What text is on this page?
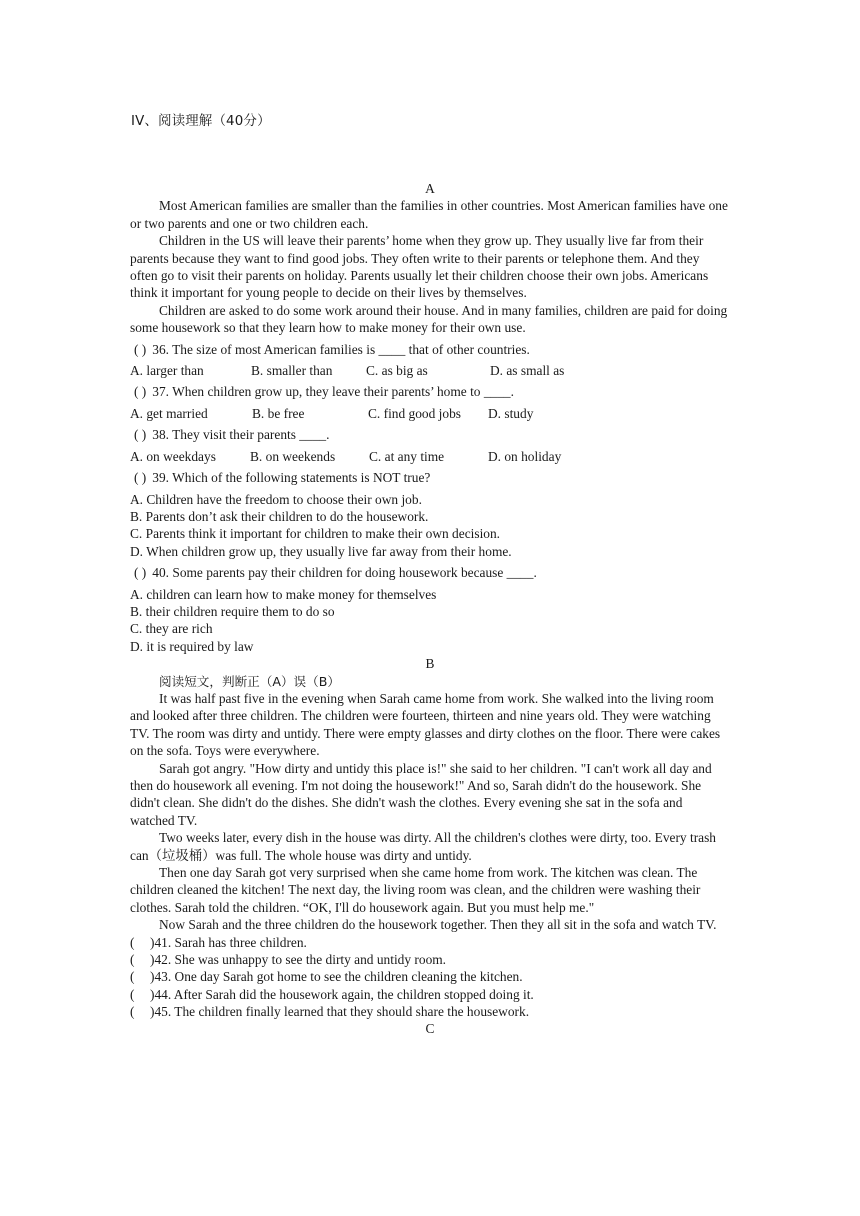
IV、阅读理解（40分）
A

Most American families are smaller than the families in other countries. Most American families have one or two parents and one or two children each.

Children in the US will leave their parents’ home when they grow up. They usually live far from their parents because they want to find good jobs. They often write to their parents or telephone them. And they often go to visit their parents on holiday. Parents usually let their children choose their own jobs. Americans think it important for young people to decide on their lives by themselves.

Children are asked to do some work around their house. And in many families, children are paid for doing some housework so that they learn how to make money for their own use.

( ) 36. The size of most American families is ____ that of other countries.
A. larger than	B. smaller than	C. as big as	D. as small as
( ) 37. When children grow up, they leave their parents’ home to ____.
A. get married	B. be free	C. find good jobs	D. study
( ) 38. They visit their parents ____.
A. on weekdays	B. on weekends	C. at any time	D. on holiday
( ) 39. Which of the following statements is NOT true?
A. Children have the freedom to choose their own job.
B. Parents don’t ask their children to do the housework.
C. Parents think it important for children to make their own decision.
D. When children grow up, they usually live far away from their home.
( ) 40. Some parents pay their children for doing housework because ____.
A. children can learn how to make money for themselves
B. their children require them to do so
C. they are rich
D. it is required by law
B
阅读短文，判断正（A）误（B）

It was half past five in the evening when Sarah came home from work. She walked into the living room and looked after three children. The children were fourteen, thirteen and nine years old. They were watching TV. The room was dirty and untidy. There were empty glasses and dirty clothes on the floor. There were cakes on the sofa. Toys were everywhere.

Sarah got angry. "How dirty and untidy this place is!" she said to her children. "I can't work all day and then do housework all evening. I'm not doing the housework!" And so, Sarah didn't do the housework. She didn't clean. She didn't do the dishes. She didn't wash the clothes. Every evening she sat in the sofa and watched TV.

Two weeks later, every dish in the house was dirty. All the children's clothes were dirty, too. Every trash can（垃圾桶）was full. The whole house was dirty and untidy.

Then one day Sarah got very surprised when she came home from work. The kitchen was clean. The children cleaned the kitchen! The next day, the living room was clean, and the children were washing their clothes. Sarah told the children. “OK, I'll do housework again. But you must help me."

Now Sarah and the three children do the housework together. Then they all sit in the sofa and watch TV.

( )41. Sarah has three children.
( )42. She was unhappy to see the dirty and untidy room.
( )43. One day Sarah got home to see the children cleaning the kitchen.
( )44. After Sarah did the housework again, the children stopped doing it.
( )45. The children finally learned that they should share the housework.
C
